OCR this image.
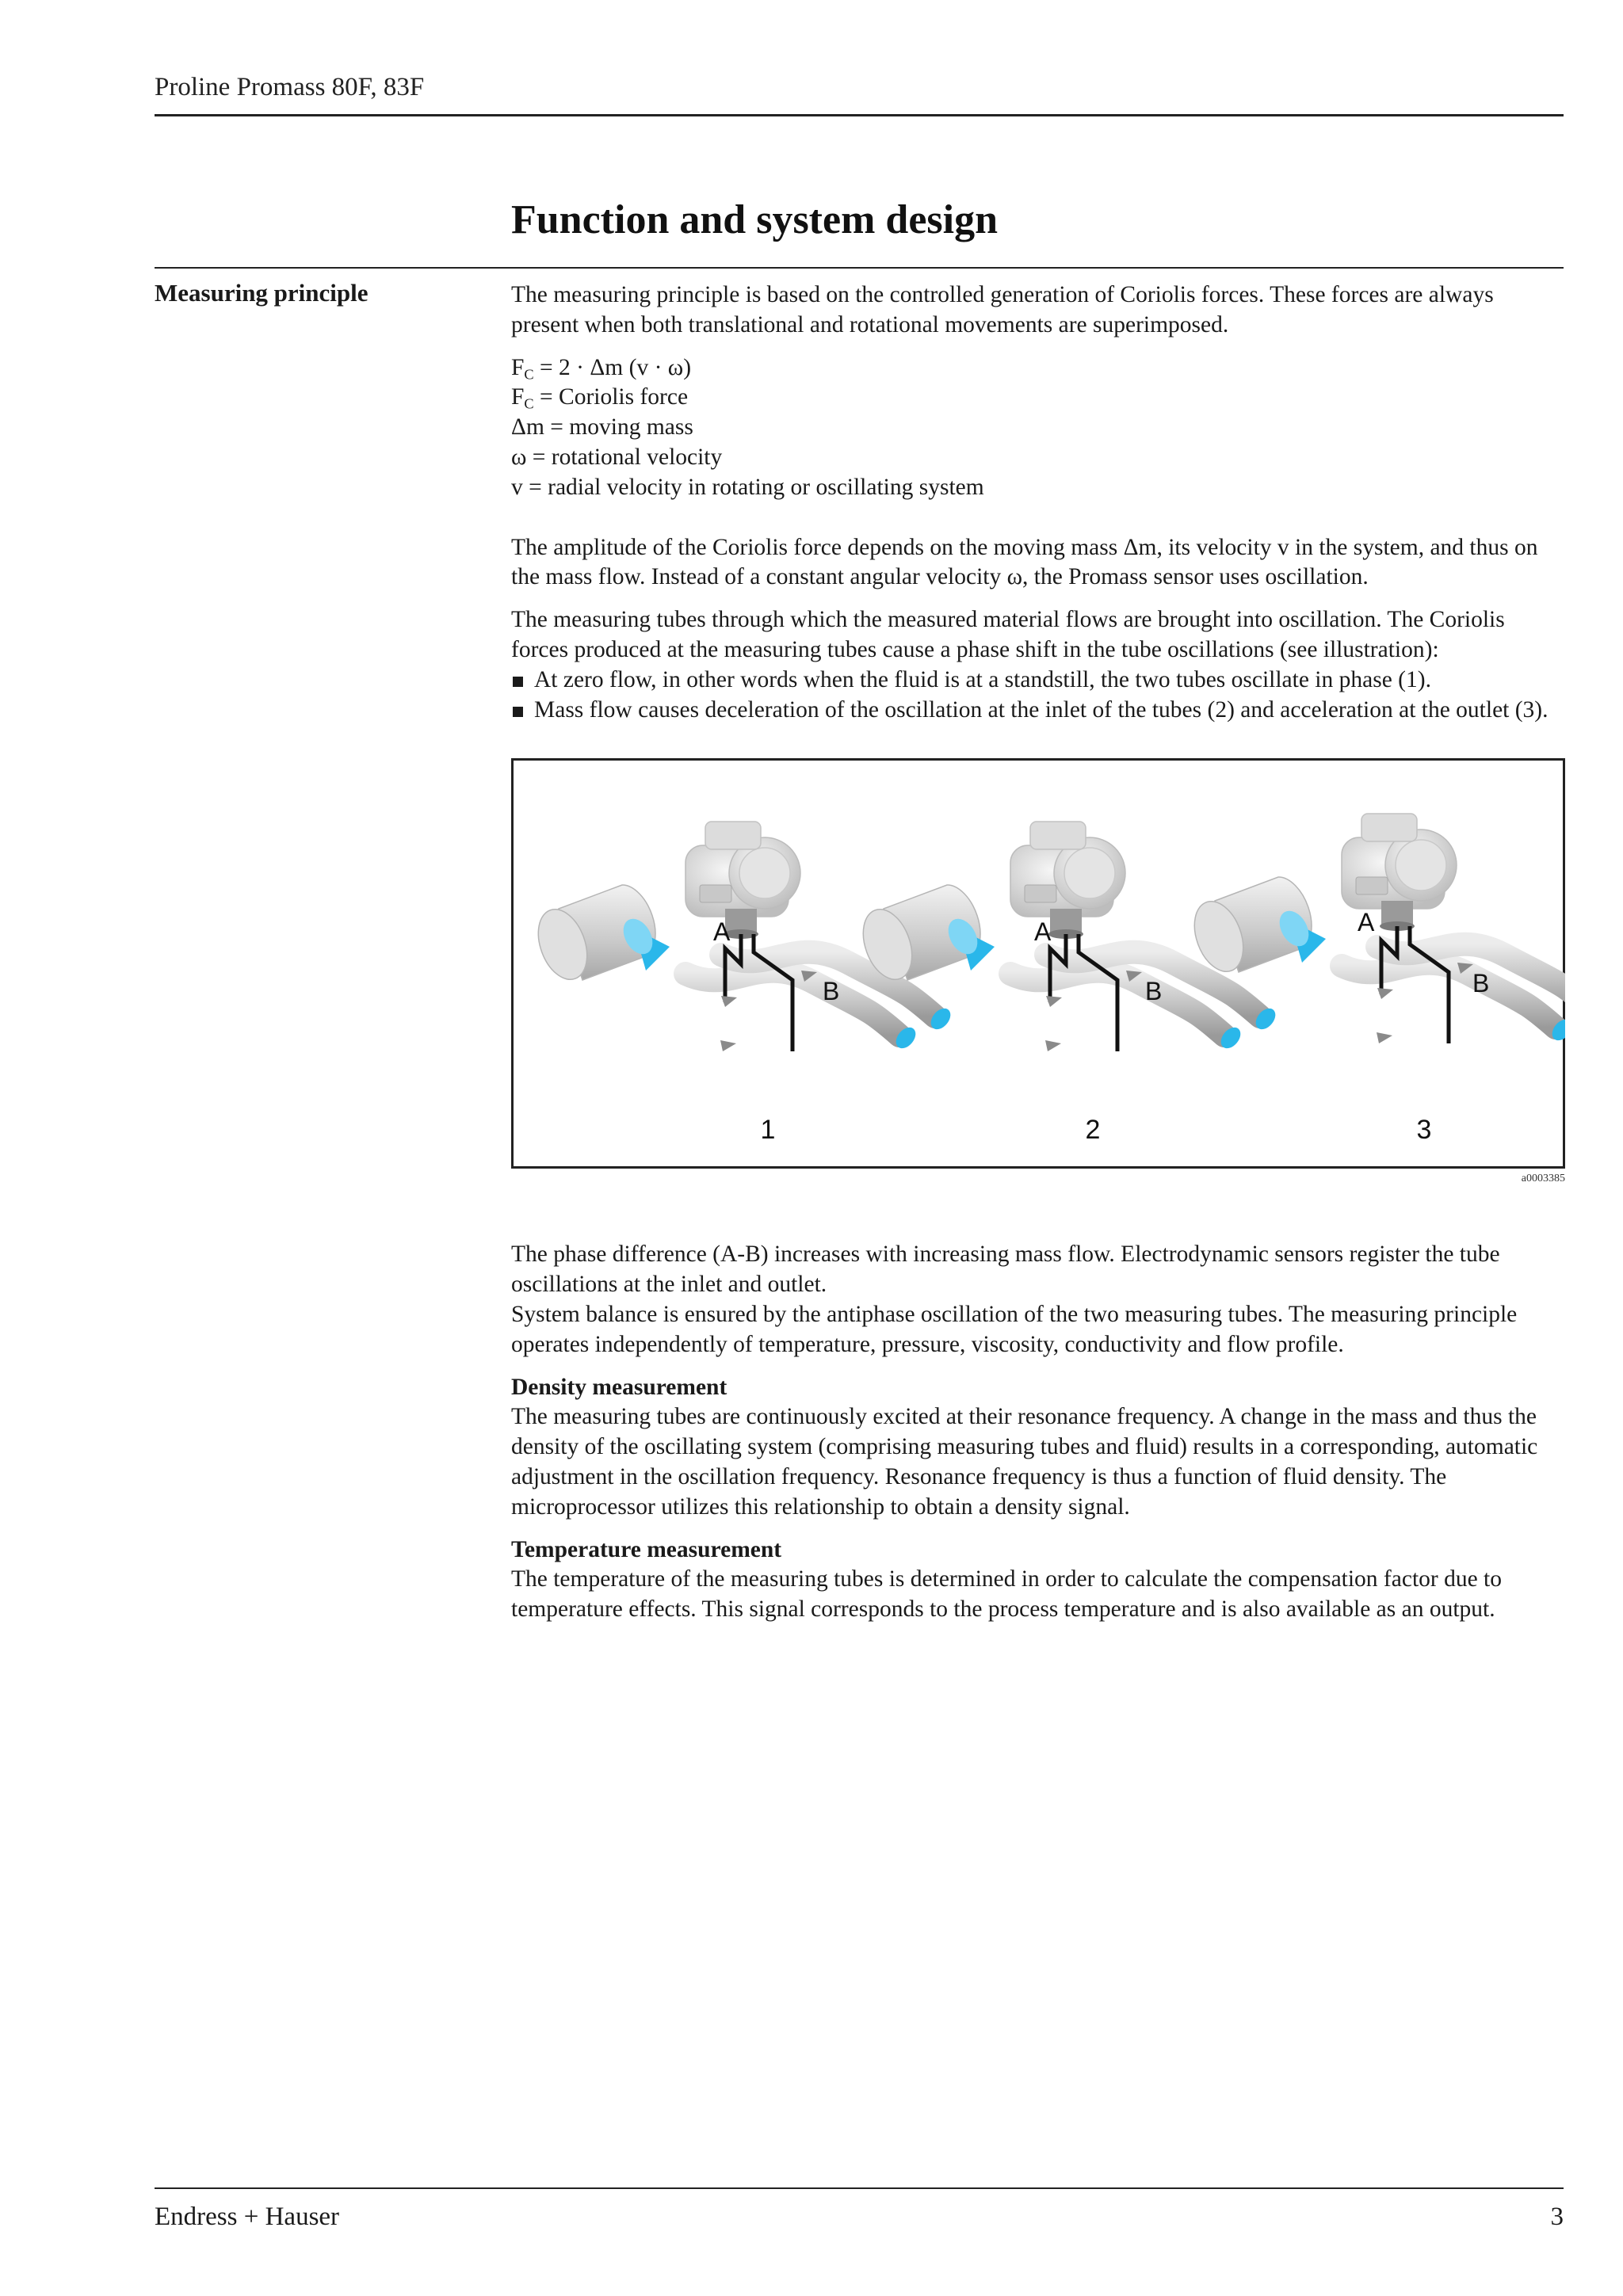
Proline Promass 80F, 83F
Function and system design
Measuring principle	The measuring principle is based on the controlled generation of Coriolis forces. These forces are always present when both translational and rotational movements are superimposed.

$F_C = 2 \cdot \Delta m$ (v · ω)
$F_C$ = Coriolis force
Δm = moving mass
ω = rotational velocity
v = radial velocity in rotating or oscillating system

The amplitude of the Coriolis force depends on the moving mass Δm, its velocity v in the system, and thus on the mass flow. Instead of a constant angular velocity ω, the Promass sensor uses oscillation.

The measuring tubes through which the measured material flows are brought into oscillation. The Coriolis forces produced at the measuring tubes cause a phase shift in the tube oscillations (see illustration):
At zero flow, in other words when the fluid is at a standstill, the two tubes oscillate in phase (1).
Mass flow causes deceleration of the oscillation at the inlet of the tubes (2) and acceleration at the outlet (3).
A
B
1
A
B
2
A
B
3
a0003385
The phase difference (A-B) increases with increasing mass flow. Electrodynamic sensors register the tube oscillations at the inlet and outlet.
System balance is ensured by the antiphase oscillation of the two measuring tubes. The measuring principle operates independently of temperature, pressure, viscosity, conductivity and flow profile.
Density measurement
The measuring tubes are continuously excited at their resonance frequency. A change in the mass and thus the density of the oscillating system (comprising measuring tubes and fluid) results in a corresponding, automatic adjustment in the oscillation frequency. Resonance frequency is thus a function of fluid density. The microprocessor utilizes this relationship to obtain a density signal.
Temperature measurement
The temperature of the measuring tubes is determined in order to calculate the compensation factor due to temperature effects. This signal corresponds to the process temperature and is also available as an output.
Endress + Hauser	3
